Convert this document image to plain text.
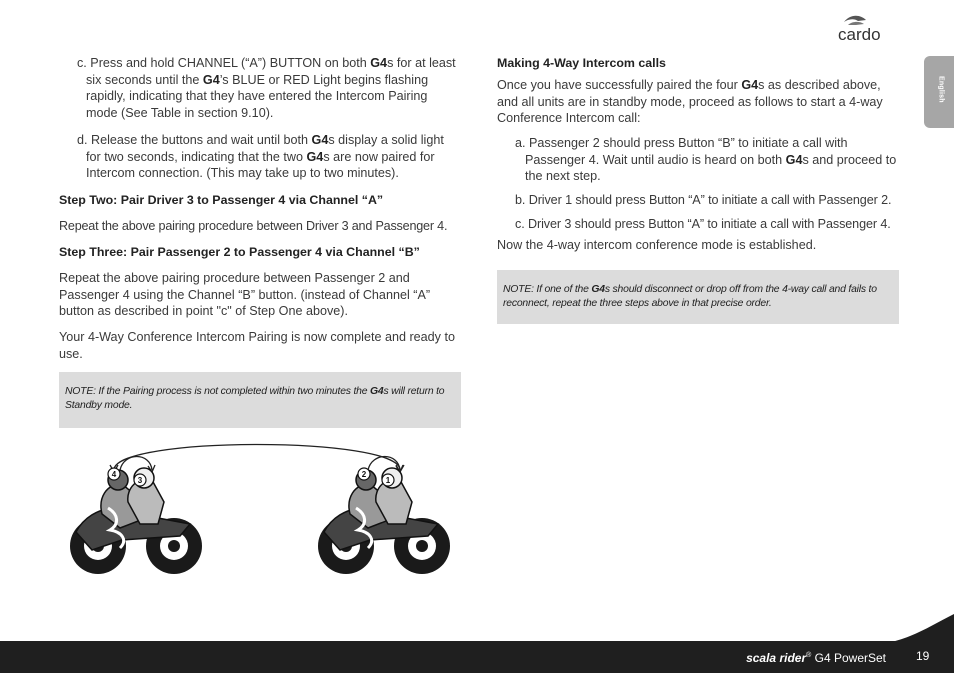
cardo
English

c. Press and hold CHANNEL (“A”) BUTTON on both G4s for at least six seconds until the G4’s BLUE or RED Light begins flashing rapidly, indicating that they have entered the Intercom Pairing mode (See Table in section 9.10).

d. Release the buttons and wait until both G4s display a solid light for two seconds, indicating that the two G4s are now paired for Intercom connection. (This may take up to two minutes).

Step Two: Pair Driver 3 to Passenger 4 via Channel “A”
Repeat the above pairing procedure between Driver 3 and Passenger 4.
Step Three: Pair Passenger 2 to Passenger 4 via Channel “B”
Repeat the above pairing procedure between Passenger 2 and Passenger 4 using the Channel “B” button. (instead of Channel “A” button as described in point "c" of Step One above).
Your 4-Way Conference Intercom Pairing is now complete and ready to use.
NOTE: If the Pairing process is not completed within two minutes the G4s will return to Standby mode.
4
3
2
1
Making 4-Way Intercom calls

Once you have successfully paired the four G4s as described above, and all units are in standby mode, proceed as follows to start a 4-way Conference Intercom call:

a. Passenger 2 should press Button “B” to initiate a call with Passenger 4. Wait until audio is heard on both G4s and proceed to the next step.

b. Driver 1 should press Button “A” to initiate a call with Passenger 2.
c. Driver 3 should press Button “A” to initiate a call with Passenger 4.
Now the 4-way intercom conference mode is established.
NOTE: If one of the G4s should disconnect or drop off from the 4-way call and fails to reconnect, repeat the three steps above in that precise order.
scala rider® G4 PowerSet	19
